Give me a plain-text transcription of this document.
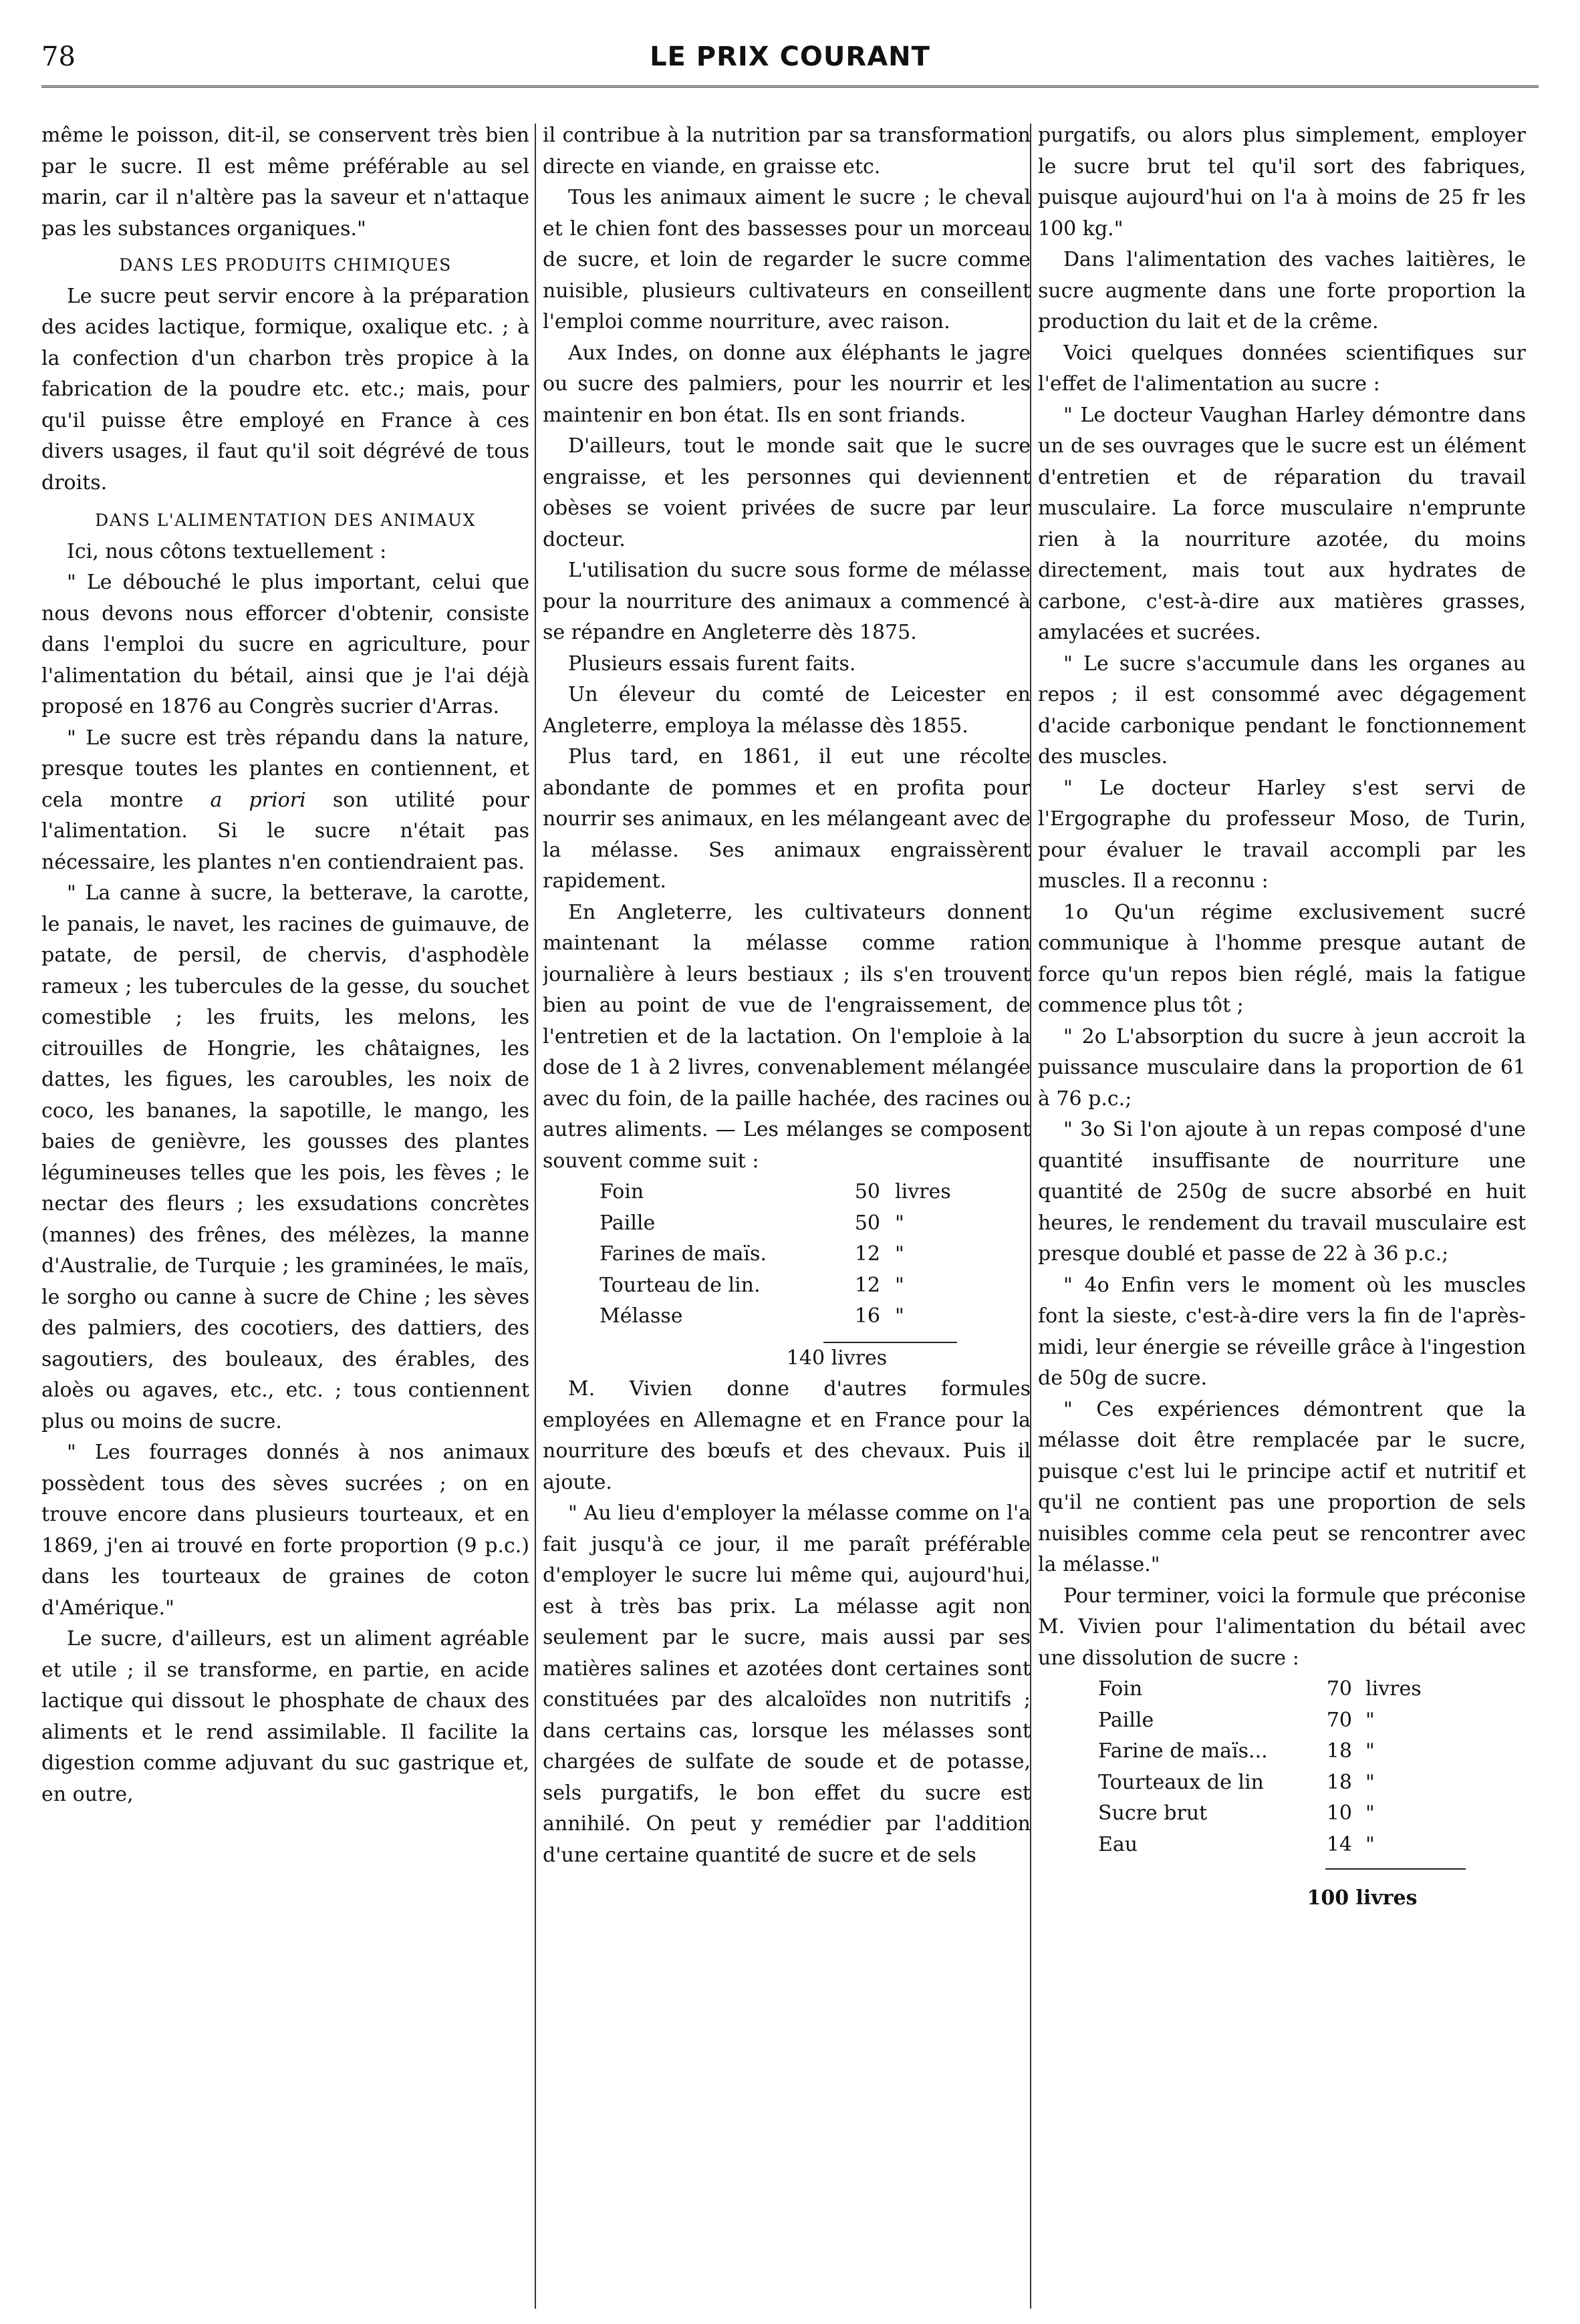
78	LE PRIX COURANT

même le poisson, dit-il, se conservent très bien par le sucre. Il est même préférable au sel marin, car il n'altère pas la saveur et n'attaque pas les substances organiques."

DANS LES PRODUITS CHIMIQUES

Le sucre peut servir encore à la préparation des acides lactique, formique, oxalique etc. ; à la confection d'un charbon très propice à la fabrication de la poudre etc. etc.; mais, pour qu'il puisse être employé en France à ces divers usages, il faut qu'il soit dégrévé de tous droits.

DANS L'ALIMENTATION DES ANIMAUX

Ici, nous côtons textuellement :

" Le débouché le plus important, celui que nous devons nous efforcer d'obtenir, consiste dans l'emploi du sucre en agriculture, pour l'alimentation du bétail, ainsi que je l'ai déjà proposé en 1876 au Congrès sucrier d'Arras.

" Le sucre est très répandu dans la nature, presque toutes les plantes en contiennent, et cela montre a priori son utilité pour l'alimentation. Si le sucre n'était pas nécessaire, les plantes n'en contiendraient pas.

" La canne à sucre, la betterave, la carotte, le panais, le navet, les racines de guimauve, de patate, de persil, de chervis, d'asphodèle rameux ; les tubercules de la gesse, du souchet comestible ; les fruits, les melons, les citrouilles de Hongrie, les châtaignes, les dattes, les figues, les caroubles, les noix de coco, les bananes, la sapotille, le mango, les baies de genièvre, les gousses des plantes légumineuses telles que les pois, les fèves ; le nectar des fleurs ; les exsudations concrètes (mannes) des frênes, des mélèzes, la manne d'Australie, de Turquie ; les graminées, le maïs, le sorgho ou canne à sucre de Chine ; les sèves des palmiers, des cocotiers, des dattiers, des sagoutiers, des bouleaux, des érables, des aloès ou agaves, etc., etc. ; tous contiennent plus ou moins de sucre.

" Les fourrages donnés à nos animaux possèdent tous des sèves sucrées ; on en trouve encore dans plusieurs tourteaux, et en 1869, j'en ai trouvé en forte proportion (9 p.c.) dans les tourteaux de graines de coton d'Amérique."

Le sucre, d'ailleurs, est un aliment agréable et utile ; il se transforme, en partie, en acide lactique qui dissout le phosphate de chaux des aliments et le rend assimilable. Il facilite la digestion comme adjuvant du suc gastrique et, en outre,

il contribue à la nutrition par sa transformation directe en viande, en graisse etc.

Tous les animaux aiment le sucre ; le cheval et le chien font des bassesses pour un morceau de sucre, et loin de regarder le sucre comme nuisible, plusieurs cultivateurs en conseillent l'emploi comme nourriture, avec raison.

Aux Indes, on donne aux éléphants le jagre ou sucre des palmiers, pour les nourrir et les maintenir en bon état. Ils en sont friands.

D'ailleurs, tout le monde sait que le sucre engraisse, et les personnes qui deviennent obèses se voient privées de sucre par leur docteur.

L'utilisation du sucre sous forme de mélasse pour la nourriture des animaux a commencé à se répandre en Angleterre dès 1875.

Plusieurs essais furent faits.

Un éleveur du comté de Leicester en Angleterre, employa la mélasse dès 1855.

Plus tard, en 1861, il eut une récolte abondante de pommes et en profita pour nourrir ses animaux, en les mélangeant avec de la mélasse. Ses animaux engraissèrent rapidement.

En Angleterre, les cultivateurs donnent maintenant la mélasse comme ration journalière à leurs bestiaux ; ils s'en trouvent bien au point de vue de l'engraissement, de l'entretien et de la lactation. On l'emploie à la dose de 1 à 2 livres, convenablement mélangée avec du foin, de la paille hachée, des racines ou autres aliments. — Les mélanges se composent souvent comme suit :

Foin	50	livres
Paille	50	"
Farines de maïs.	12	"
Tourteau de lin.	12	"
Mélasse	16	"

140 livres

M. Vivien donne d'autres formules employées en Allemagne et en France pour la nourriture des bœufs et des chevaux. Puis il ajoute.

" Au lieu d'employer la mélasse comme on l'a fait jusqu'à ce jour, il me paraît préférable d'employer le sucre lui même qui, aujourd'hui, est à très bas prix. La mélasse agit non seulement par le sucre, mais aussi par ses matières salines et azotées dont certaines sont constituées par des alcaloïdes non nutritifs ; dans certains cas, lorsque les mélasses sont chargées de sulfate de soude et de potasse, sels purgatifs, le bon effet du sucre est annihilé. On peut y remédier par l'addition d'une certaine quantité de sucre et de sels

purgatifs, ou alors plus simplement, employer le sucre brut tel qu'il sort des fabriques, puisque aujourd'hui on l'a à moins de 25 fr les 100 kg."

Dans l'alimentation des vaches laitières, le sucre augmente dans une forte proportion la production du lait et de la crême.

Voici quelques données scientifiques sur l'effet de l'alimentation au sucre :

" Le docteur Vaughan Harley démontre dans un de ses ouvrages que le sucre est un élément d'entretien et de réparation du travail musculaire. La force musculaire n'emprunte rien à la nourriture azotée, du moins directement, mais tout aux hydrates de carbone, c'est-à-dire aux matières grasses, amylacées et sucrées.

" Le sucre s'accumule dans les organes au repos ; il est consommé avec dégagement d'acide carbonique pendant le fonctionnement des muscles.

" Le docteur Harley s'est servi de l'Ergographe du professeur Moso, de Turin, pour évaluer le travail accompli par les muscles. Il a reconnu :

1o Qu'un régime exclusivement sucré communique à l'homme presque autant de force qu'un repos bien réglé, mais la fatigue commence plus tôt ;

" 2o L'absorption du sucre à jeun accroit la puissance musculaire dans la proportion de 61 à 76 p.c.;

" 3o Si l'on ajoute à un repas composé d'une quantité insuffisante de nourriture une quantité de 250g de sucre absorbé en huit heures, le rendement du travail musculaire est presque doublé et passe de 22 à 36 p.c.;

" 4o Enfin vers le moment où les muscles font la sieste, c'est-à-dire vers la fin de l'après-midi, leur énergie se réveille grâce à l'ingestion de 50g de sucre.

" Ces expériences démontrent que la mélasse doit être remplacée par le sucre, puisque c'est lui le principe actif et nutritif et qu'il ne contient pas une proportion de sels nuisibles comme cela peut se rencontrer avec la mélasse."

Pour terminer, voici la formule que préconise M. Vivien pour l'alimentation du bétail avec une dissolution de sucre :

Foin	70	livres
Paille	70	"
Farine de maïs...	18	"
Tourteaux de lin	18	"
Sucre brut	10	"
Eau	14	"

100 livres
